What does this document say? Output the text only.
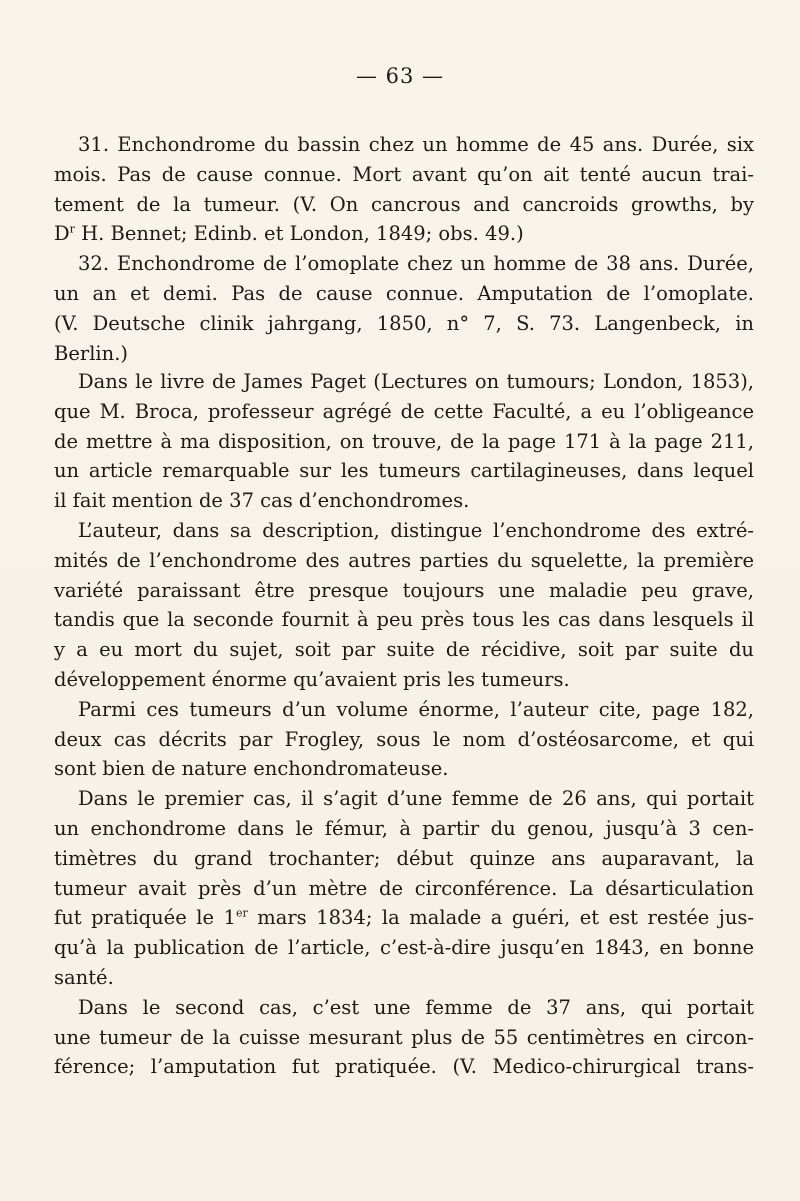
— 63 —
31. Enchondrome du bassin chez un homme de 45 ans. Durée, six
mois. Pas de cause connue. Mort avant qu’on ait tenté aucun trai-
tement de la tumeur. (V. On cancrous and cancroids growths, by
$D^r$ H. Bennet; Edinb. et London, 1849; obs. 49.)
32. Enchondrome de l’omoplate chez un homme de 38 ans. Durée,
un an et demi. Pas de cause connue. Amputation de l’omoplate.
(V. Deutsche clinik jahrgang, 1850, n° 7, S. 73. Langenbeck, in
Berlin.)
Dans le livre de James Paget (Lectures on tumours; London, 1853),
que M. Broca, professeur agrégé de cette Faculté, a eu l’obligeance
de mettre à ma disposition, on trouve, de la page 171 à la page 211,
un article remarquable sur les tumeurs cartilagineuses, dans lequel
il fait mention de 37 cas d’enchondromes.
L’auteur, dans sa description, distingue l’enchondrome des extré-
mités de l’enchondrome des autres parties du squelette, la première
variété paraissant être presque toujours une maladie peu grave,
tandis que la seconde fournit à peu près tous les cas dans lesquels il
y a eu mort du sujet, soit par suite de récidive, soit par suite du
développement énorme qu’avaient pris les tumeurs.
Parmi ces tumeurs d’un volume énorme, l’auteur cite, page 182,
deux cas décrits par Frogley, sous le nom d’ostéosarcome, et qui
sont bien de nature enchondromateuse.
Dans le premier cas, il s’agit d’une femme de 26 ans, qui portait
un enchondrome dans le fémur, à partir du genou, jusqu’à 3 cen-
timètres du grand trochanter; début quinze ans auparavant, la
tumeur avait près d’un mètre de circonférence. La désarticulation
fut pratiquée le 1er mars 1834; la malade a guéri, et est restée jus-
qu’à la publication de l’article, c’est-à-dire jusqu’en 1843, en bonne
santé.
Dans le second cas, c’est une femme de 37 ans, qui portait
une tumeur de la cuisse mesurant plus de 55 centimètres en circon-
férence; l’amputation fut pratiquée. (V. Medico-chirurgical trans-
